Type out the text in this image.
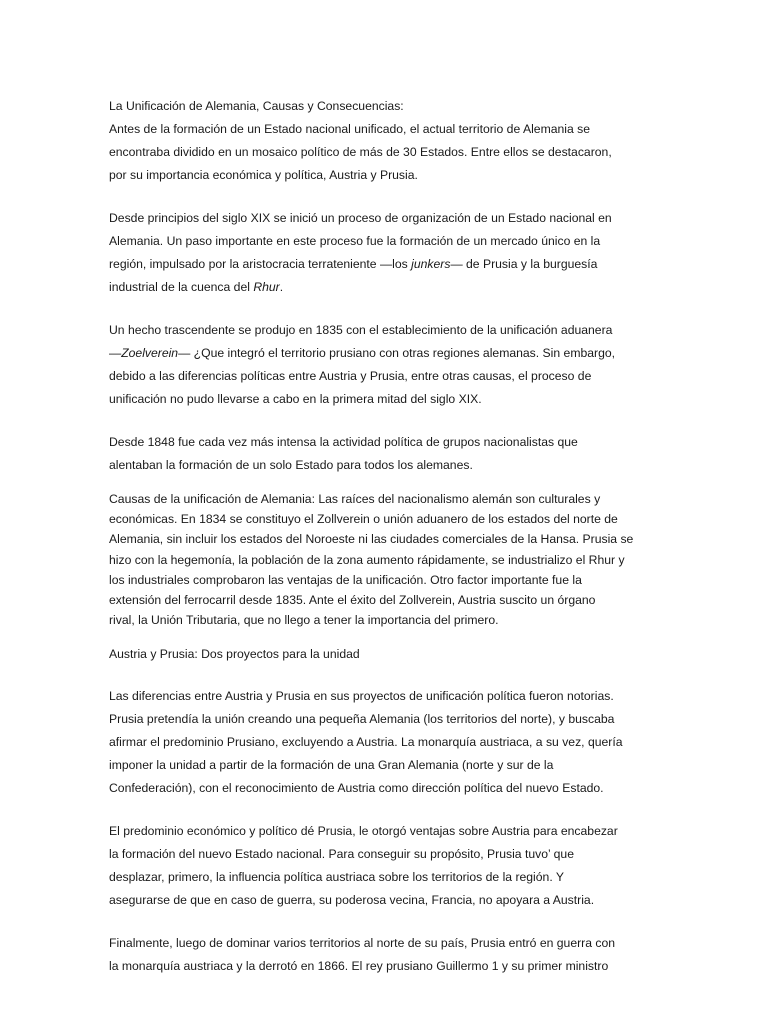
La Unificación de Alemania, Causas y Consecuencias:
Antes de la formación de un Estado nacional unificado, el actual territorio de Alemania se
encontraba dividido en un mosaico político de más de 30 Estados. Entre ellos se destacaron,
por su importancia económica y política, Austria y Prusia.
Desde principios del siglo XIX se inició un proceso de organización de un Estado nacional en
Alemania. Un paso importante en este proceso fue la formación de un mercado único en la
región, impulsado por la aristocracia terrateniente —los junkers— de Prusia y la burguesía
industrial de la cuenca del Rhur.
Un hecho trascendente se produjo en 1835 con el establecimiento de la unificación aduanera
—Zoelverein— ¿Que integró el territorio prusiano con otras regiones alemanas. Sin embargo,
debido a las diferencias políticas entre Austria y Prusia, entre otras causas, el proceso de
unificación no pudo llevarse a cabo en la primera mitad del siglo XIX.
Desde 1848 fue cada vez más intensa la actividad política de grupos nacionalistas que
alentaban la formación de un solo Estado para todos los alemanes.
Causas de la unificación de Alemania: Las raíces del nacionalismo alemán son culturales y
económicas. En 1834 se constituyo el Zollverein o unión aduanero de los estados del norte de
Alemania, sin incluir los estados del Noroeste ni las ciudades comerciales de la Hansa. Prusia se
hizo con la hegemonía, la población de la zona aumento rápidamente, se industrializo el Rhur y
los industriales comprobaron las ventajas de la unificación. Otro factor importante fue la
extensión del ferrocarril desde 1835. Ante el éxito del Zollverein, Austria suscito un órgano
rival, la Unión Tributaria, que no llego a tener la importancia del primero.
Austria y Prusia: Dos proyectos para la unidad
Las diferencias entre Austria y Prusia en sus proyectos de unificación política fueron notorias.
Prusia pretendía la unión creando una pequeña Alemania (los territorios del norte), y buscaba
afirmar el predominio Prusiano, excluyendo a Austria. La monarquía austriaca, a su vez, quería
imponer la unidad a partir de la formación de una Gran Alemania (norte y sur de la
Confederación), con el reconocimiento de Austria como dirección política del nuevo Estado.
El predominio económico y político dé Prusia, le otorgó ventajas sobre Austria para encabezar
la formación del nuevo Estado nacional. Para conseguir su propósito, Prusia tuvo’ que
desplazar, primero, la influencia política austriaca sobre los territorios de la región. Y
asegurarse de que en caso de guerra, su poderosa vecina, Francia, no apoyara a Austria.
Finalmente, luego de dominar varios territorios al norte de su país, Prusia entró en guerra con
la monarquía austriaca y la derrotó en 1866. El rey prusiano Guillermo 1 y su primer ministro
